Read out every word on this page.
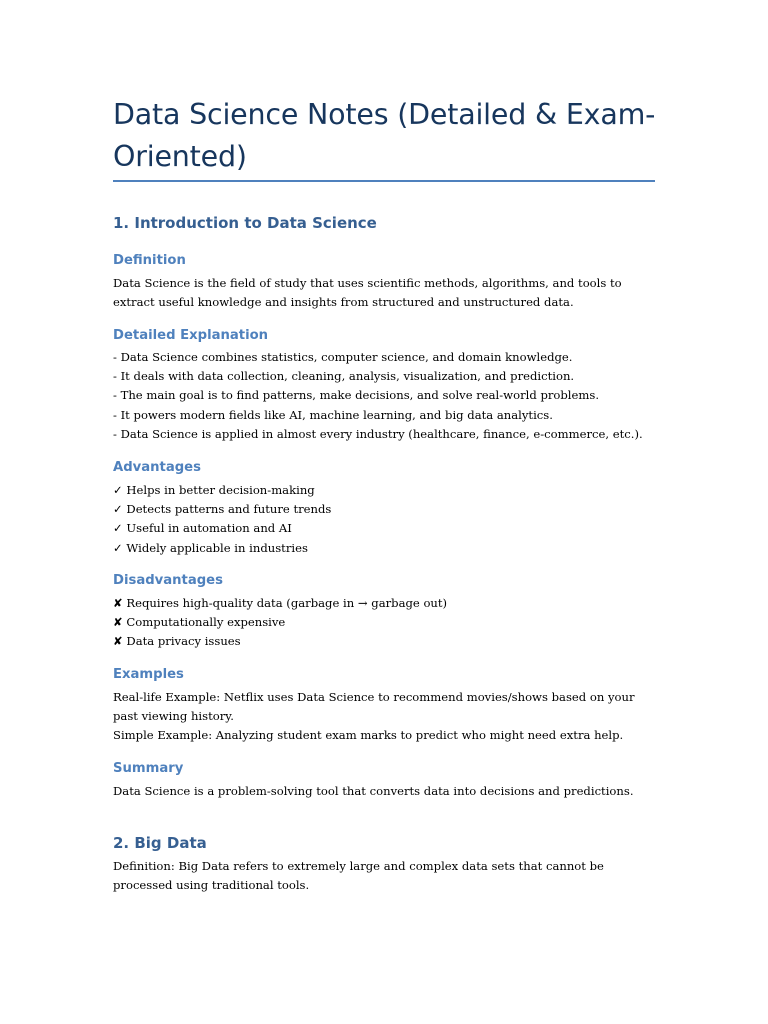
Data Science Notes (Detailed & Exam-
Oriented)
1. Introduction to Data Science
Definition

Data Science is the field of study that uses scientific methods, algorithms, and tools to
extract useful knowledge and insights from structured and unstructured data.

Detailed Explanation

- Data Science combines statistics, computer science, and domain knowledge.
- It deals with data collection, cleaning, analysis, visualization, and prediction.
- The main goal is to find patterns, make decisions, and solve real-world problems.
- It powers modern fields like AI, machine learning, and big data analytics.
- Data Science is applied in almost every industry (healthcare, finance, e-commerce, etc.).

Advantages

✓ Helps in better decision-making
✓ Detects patterns and future trends
✓ Useful in automation and AI
✓ Widely applicable in industries

Disadvantages

✘ Requires high-quality data (garbage in → garbage out)
✘ Computationally expensive
✘ Data privacy issues

Examples

Real-life Example: Netflix uses Data Science to recommend movies/shows based on your
past viewing history.
Simple Example: Analyzing student exam marks to predict who might need extra help.

Summary

Data Science is a problem-solving tool that converts data into decisions and predictions.

2. Big Data

Definition: Big Data refers to extremely large and complex data sets that cannot be
processed using traditional tools.
